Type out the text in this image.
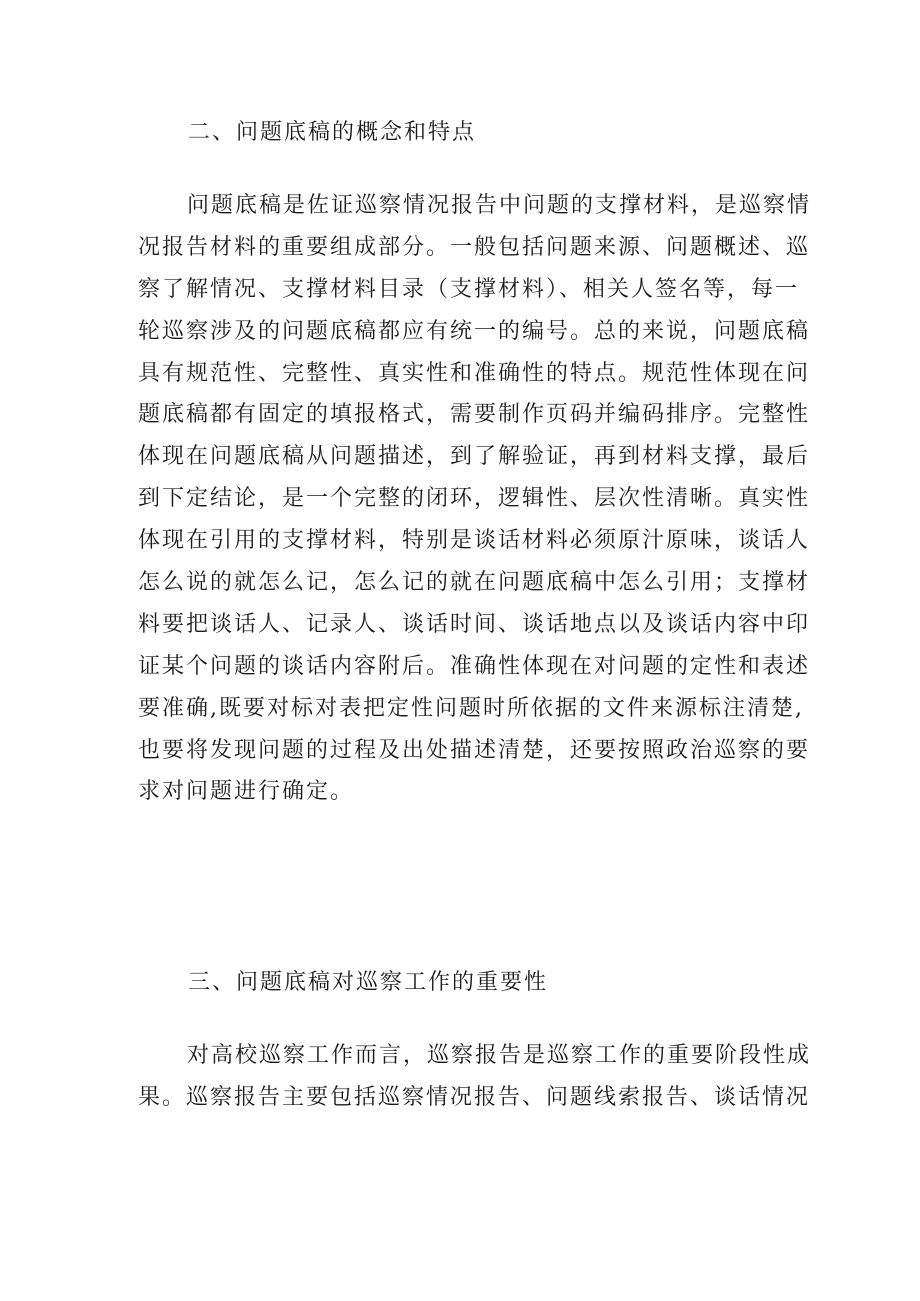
二、问题底稿的概念和特点
问题底稿是佐证巡察情况报告中问题的支撑材料，是巡察情
况报告材料的重要组成部分。一般包括问题来源、问题概述、巡
察了解情况、支撑材料目录（支撑材料）、相关人签名等，每一
轮巡察涉及的问题底稿都应有统一的编号。总的来说，问题底稿
具有规范性、完整性、真实性和准确性的特点。规范性体现在问
题底稿都有固定的填报格式，需要制作页码并编码排序。完整性
体现在问题底稿从问题描述，到了解验证，再到材料支撑，最后
到下定结论，是一个完整的闭环，逻辑性、层次性清晰。真实性
体现在引用的支撑材料，特别是谈话材料必须原汁原味，谈话人
怎么说的就怎么记，怎么记的就在问题底稿中怎么引用；支撑材
料要把谈话人、记录人、谈话时间、谈话地点以及谈话内容中印
证某个问题的谈话内容附后。准确性体现在对问题的定性和表述
要准确,既要对标对表把定性问题时所依据的文件来源标注清楚,
也要将发现问题的过程及出处描述清楚，还要按照政治巡察的要
求对问题进行确定。
三、问题底稿对巡察工作的重要性
对高校巡察工作而言，巡察报告是巡察工作的重要阶段性成
果。巡察报告主要包括巡察情况报告、问题线索报告、谈话情况
